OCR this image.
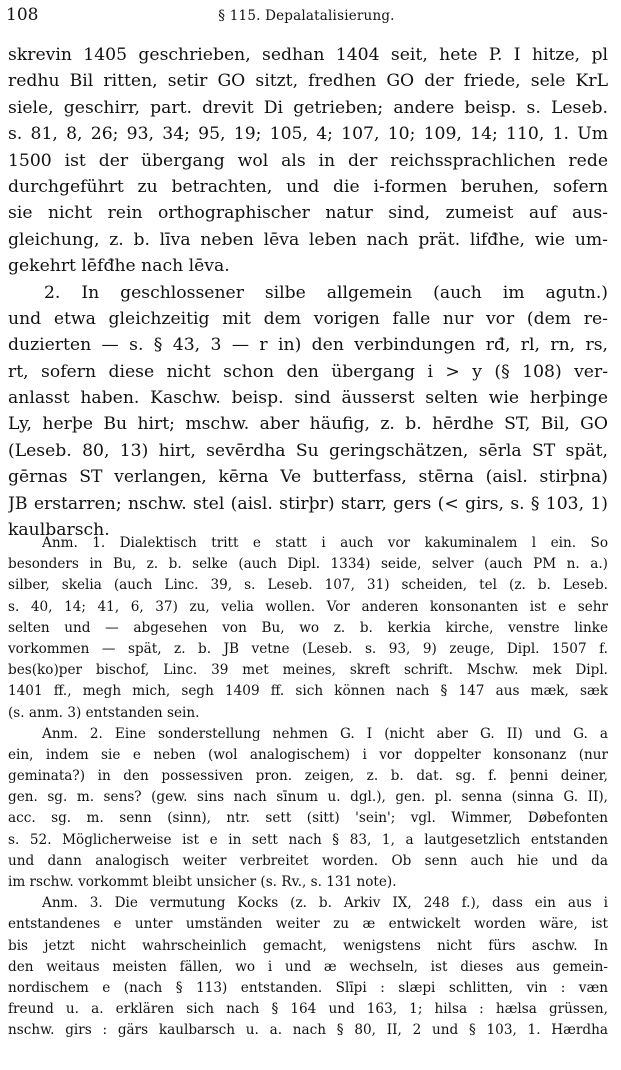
108	§ 115. Depalatalisierung.
skrevin 1405 geschrieben, sedhan 1404 seit, hete P. I hitze, pl
redhu Bil ritten, setir GO sitzt, fredhen GO der friede, sele KrL
siele, geschirr, part. drevit Di getrieben; andere beisp. s. Leseb.
s. 81, 8, 26; 93, 34; 95, 19; 105, 4; 107, 10; 109, 14; 110, 1. Um
1500 ist der übergang wol als in der reichssprachlichen rede
durchgeführt zu betrachten, und die i-formen beruhen, sofern
sie nicht rein orthographischer natur sind, zumeist auf aus-
gleichung, z. b. līva neben lēva leben nach prät. lifđhe, wie um-
gekehrt lēfđhe nach lēva.
2. In geschlossener silbe allgemein (auch im agutn.)
und etwa gleichzeitig mit dem vorigen falle nur vor (dem re-
duzierten — s. § 43, 3 — r in) den verbindungen rđ, rl, rn, rs,
rt, sofern diese nicht schon den übergang i > y (§ 108) ver-
anlasst haben. Kaschw. beisp. sind äusserst selten wie herþinge
Ly, herþe Bu hirt; mschw. aber häufig, z. b. hērdhe ST, Bil, GO
(Leseb. 80, 13) hirt, sevērdha Su geringschätzen, sērla ST spät,
gērnas ST verlangen, kērna Ve butterfass, stērna (aisl. stirþna)
JB erstarren; nschw. stel (aisl. stirþr) starr, gers (< girs, s. § 103, 1)
kaulbarsch.
Anm. 1. Dialektisch tritt e statt i auch vor kakuminalem l ein. So
besonders in Bu, z. b. selke (auch Dipl. 1334) seide, selver (auch PM n. a.)
silber, skelia (auch Linc. 39, s. Leseb. 107, 31) scheiden, tel (z. b. Leseb.
s. 40, 14; 41, 6, 37) zu, velia wollen. Vor anderen konsonanten ist e sehr
selten und — abgesehen von Bu, wo z. b. kerkia kirche, venstre linke
vorkommen — spät, z. b. JB vetne (Leseb. s. 93, 9) zeuge, Dipl. 1507 f.
bes(ko)per bischof, Linc. 39 met meines, skreft schrift. Mschw. mek Dipl.
1401 ff., megh mich, segh 1409 ff. sich können nach § 147 aus mæk, sæk
(s. anm. 3) entstanden sein.
Anm. 2. Eine sonderstellung nehmen G. I (nicht aber G. II) und G. a
ein, indem sie e neben (wol analogischem) i vor doppelter konsonanz (nur
geminata?) in den possessiven pron. zeigen, z. b. dat. sg. f. þenni deiner,
gen. sg. m. sens? (gew. sins nach sīnum u. dgl.), gen. pl. senna (sinna G. II),
acc. sg. m. senn (sinn), ntr. sett (sitt) 'sein'; vgl. Wimmer, Døbefonten
s. 52. Möglicherweise ist e in sett nach § 83, 1, a lautgesetzlich entstanden
und dann analogisch weiter verbreitet worden. Ob senn auch hie und da
im rschw. vorkommt bleibt unsicher (s. Rv., s. 131 note).
Anm. 3. Die vermutung Kocks (z. b. Arkiv IX, 248 f.), dass ein aus i
entstandenes e unter umständen weiter zu æ entwickelt worden wäre, ist
bis jetzt nicht wahrscheinlich gemacht, wenigstens nicht fürs aschw. In
den weitaus meisten fällen, wo i und æ wechseln, ist dieses aus gemein-
nordischem e (nach § 113) entstanden. Slīpi : slæpi schlitten, vin : væn
freund u. a. erklären sich nach § 164 und 163, 1; hilsa : hælsa grüssen,
nschw. girs : gärs kaulbarsch u. a. nach § 80, II, 2 und § 103, 1. Hærdha
